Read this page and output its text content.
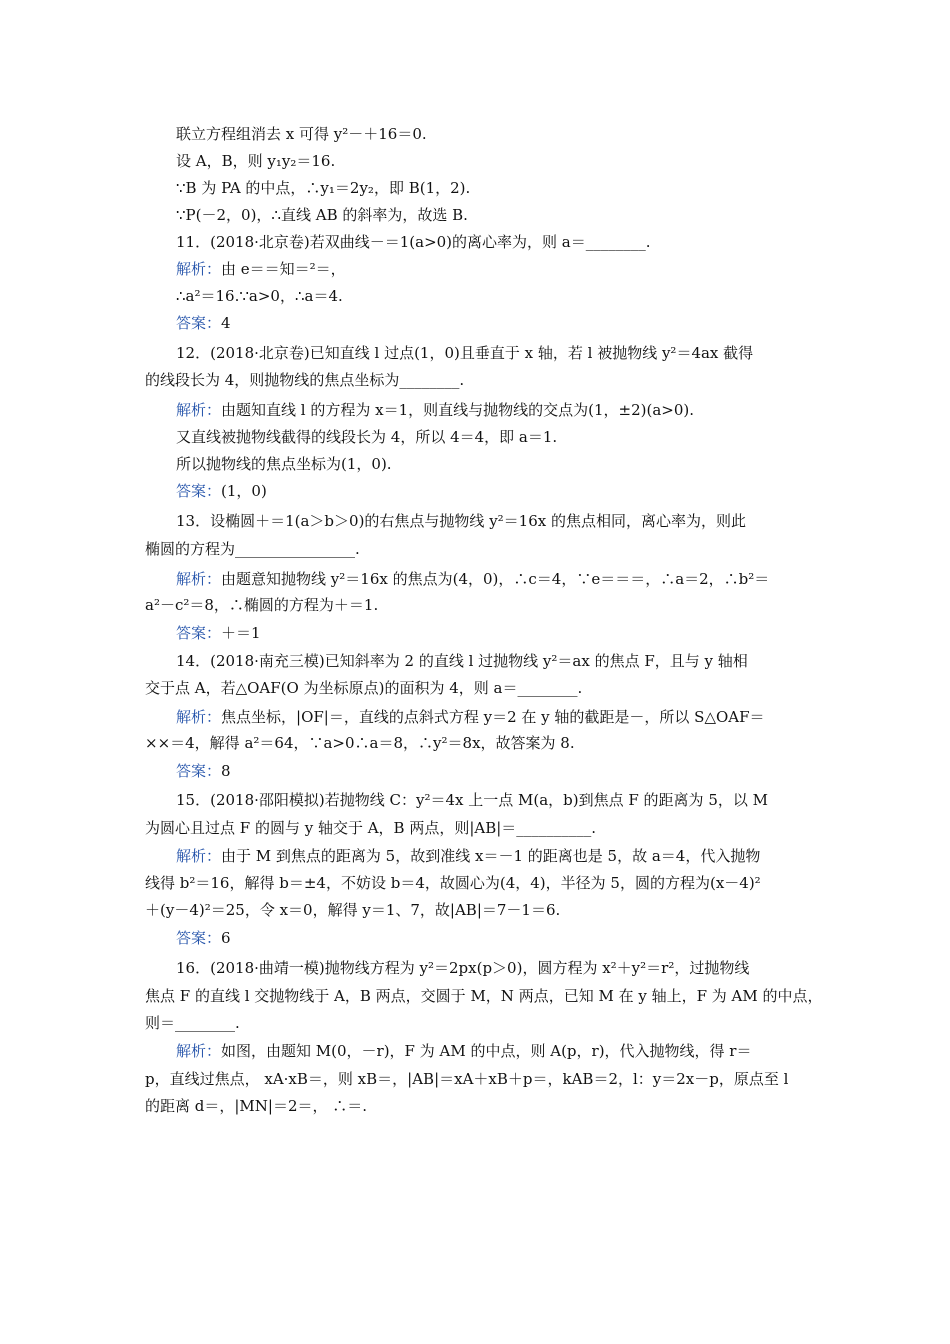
联立方程组消去 x 可得 y²－＋16＝0.
设 A，B，则 y₁y₂＝16.
∵B 为 PA 的中点，∴y₁＝2y₂，即 B(1，2).
∵P(－2，0)，∴直线 AB 的斜率为，故选 B.
11．(2018·北京卷)若双曲线－＝1(a>0)的离心率为，则 a＝________.
解析：由 e＝＝知＝²＝，
∴a²＝16.∵a>0，∴a＝4.
答案：4
12．(2018·北京卷)已知直线 l 过点(1，0)且垂直于 x 轴，若 l 被抛物线 y²＝4ax 截得
的线段长为 4，则抛物线的焦点坐标为________.
解析：由题知直线 l 的方程为 x＝1，则直线与抛物线的交点为(1，±2)(a>0).
又直线被抛物线截得的线段长为 4，所以 4＝4，即 a＝1.
所以抛物线的焦点坐标为(1，0).
答案：(1，0)
13．设椭圆＋＝1(a＞b＞0)的右焦点与抛物线 y²＝16x 的焦点相同，离心率为，则此
椭圆的方程为________________.
解析：由题意知抛物线 y²＝16x 的焦点为(4，0)，∴c＝4，∵e＝＝＝，∴a＝2，∴b²＝
a²－c²＝8，∴椭圆的方程为＋＝1.
答案：＋＝1
14．(2018·南充三模)已知斜率为 2 的直线 l 过抛物线 y²＝ax 的焦点 F，且与 y 轴相
交于点 A，若△OAF(O 为坐标原点)的面积为 4，则 a＝________.
解析：焦点坐标，|OF|＝，直线的点斜式方程 y＝2 在 y 轴的截距是－，所以 S△OAF＝
××＝4，解得 a²＝64，∵a>0∴a＝8，∴y²＝8x，故答案为 8.
答案：8
15．(2018·邵阳模拟)若抛物线 C：y²＝4x 上一点 M(a，b)到焦点 F 的距离为 5，以 M
为圆心且过点 F 的圆与 y 轴交于 A，B 两点，则|AB|＝__________.
解析：由于 M 到焦点的距离为 5，故到准线 x＝－1 的距离也是 5，故 a＝4，代入抛物
线得 b²＝16，解得 b＝±4，不妨设 b＝4，故圆心为(4，4)，半径为 5，圆的方程为(x－4)²
＋(y－4)²＝25，令 x＝0，解得 y＝1、7，故|AB|＝7－1＝6.
答案：6
16．(2018·曲靖一模)抛物线方程为 y²＝2px(p＞0)，圆方程为 x²＋y²＝r²，过抛物线
焦点 F 的直线 l 交抛物线于 A，B 两点，交圆于 M，N 两点，已知 M 在 y 轴上，F 为 AM 的中点，
则＝________.
解析：如图，由题知 M(0，－r)，F 为 AM 的中点，则 A(p，r)，代入抛物线，得 r＝
p，直线过焦点， xA·xB＝，则 xB＝，|AB|＝xA＋xB＋p＝，kAB＝2，l：y＝2x－p，原点至 l
的距离 d＝，|MN|＝2＝， ∴＝.
